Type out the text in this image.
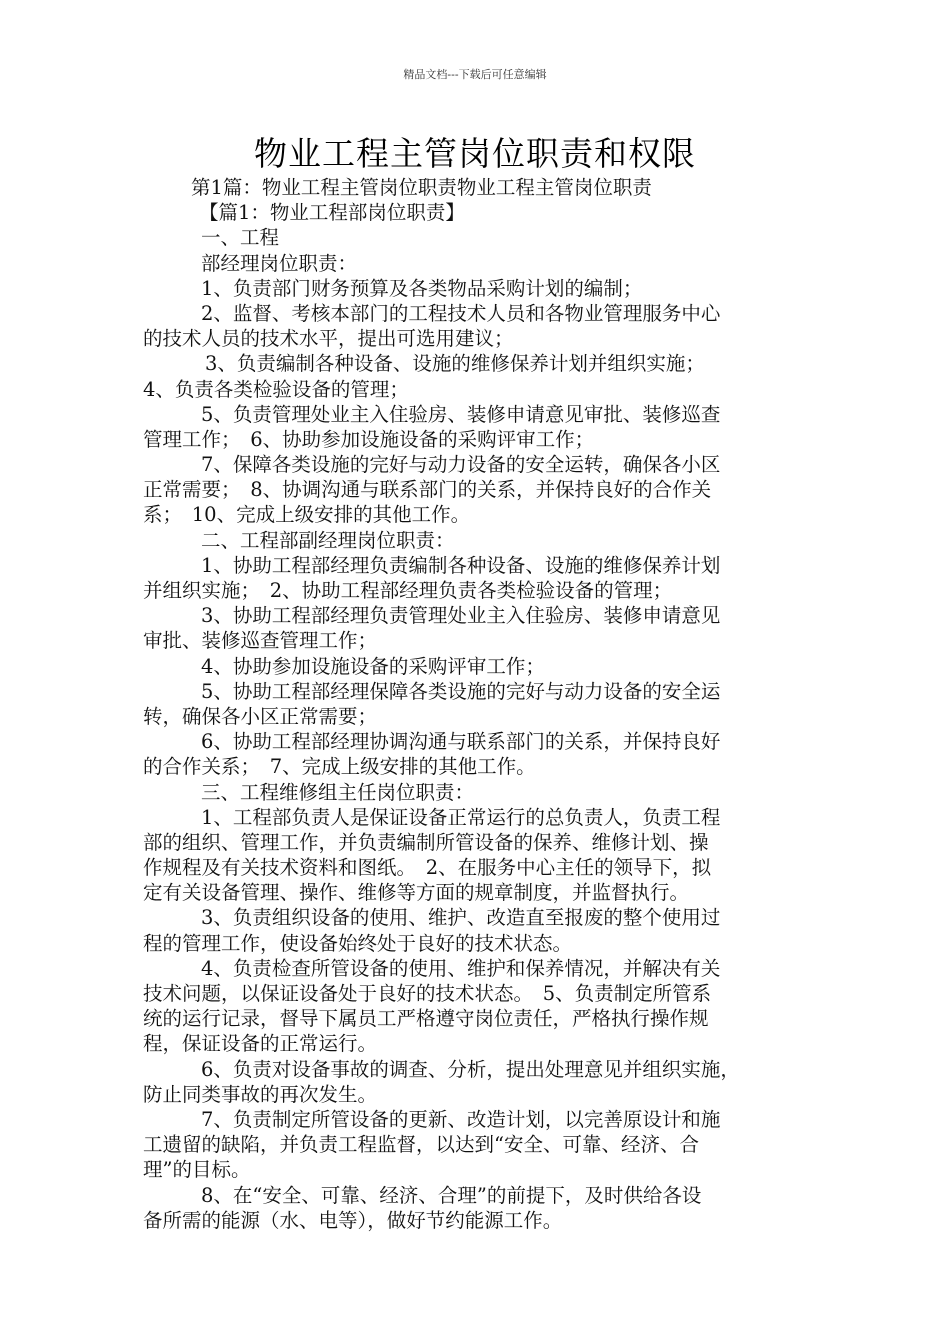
精品文档---下载后可任意编辑
物业工程主管岗位职责和权限
第1篇：物业工程主管岗位职责物业工程主管岗位职责
【篇1：物业工程部岗位职责】
一、工程
部经理岗位职责：
1、负责部门财务预算及各类物品采购计划的编制；
2、监督、考核本部门的工程技术人员和各物业管理服务中心
的技术人员的技术水平，提出可选用建议；
3、负责编制各种设备、设施的维修保养计划并组织实施；
4、负责各类检验设备的管理；
5、负责管理处业主入住验房、装修申请意见审批、装修巡查
管理工作；　6、协助参加设施设备的采购评审工作；
7、保障各类设施的完好与动力设备的安全运转，确保各小区
正常需要；　8、协调沟通与联系部门的关系，并保持良好的合作关
系；　10、完成上级安排的其他工作。
二、工程部副经理岗位职责：
1、协助工程部经理负责编制各种设备、设施的维修保养计划
并组织实施；　2、协助工程部经理负责各类检验设备的管理；
3、协助工程部经理负责管理处业主入住验房、装修申请意见
审批、装修巡查管理工作；
4、协助参加设施设备的采购评审工作；
5、协助工程部经理保障各类设施的完好与动力设备的安全运
转，确保各小区正常需要；
6、协助工程部经理协调沟通与联系部门的关系，并保持良好
的合作关系；　7、完成上级安排的其他工作。
三、工程维修组主任岗位职责：
1、工程部负责人是保证设备正常运行的总负责人，负责工程
部的组织、管理工作，并负责编制所管设备的保养、维修计划、操
作规程及有关技术资料和图纸。　2、在服务中心主任的领导下，拟
定有关设备管理、操作、维修等方面的规章制度，并监督执行。
3、负责组织设备的使用、维护、改造直至报废的整个使用过
程的管理工作，使设备始终处于良好的技术状态。
4、负责检查所管设备的使用、维护和保养情况，并解决有关
技术问题，以保证设备处于良好的技术状态。　5、负责制定所管系
统的运行记录，督导下属员工严格遵守岗位责任，严格执行操作规
程，保证设备的正常运行。
6、负责对设备事故的调查、分析，提出处理意见并组织实施，
防止同类事故的再次发生。
7、负责制定所管设备的更新、改造计划，以完善原设计和施
工遗留的缺陷，并负责工程监督，以达到“安全、可靠、经济、合
理”的目标。
8、在“安全、可靠、经济、合理”的前提下，及时供给各设
备所需的能源（水、电等），做好节约能源工作。
